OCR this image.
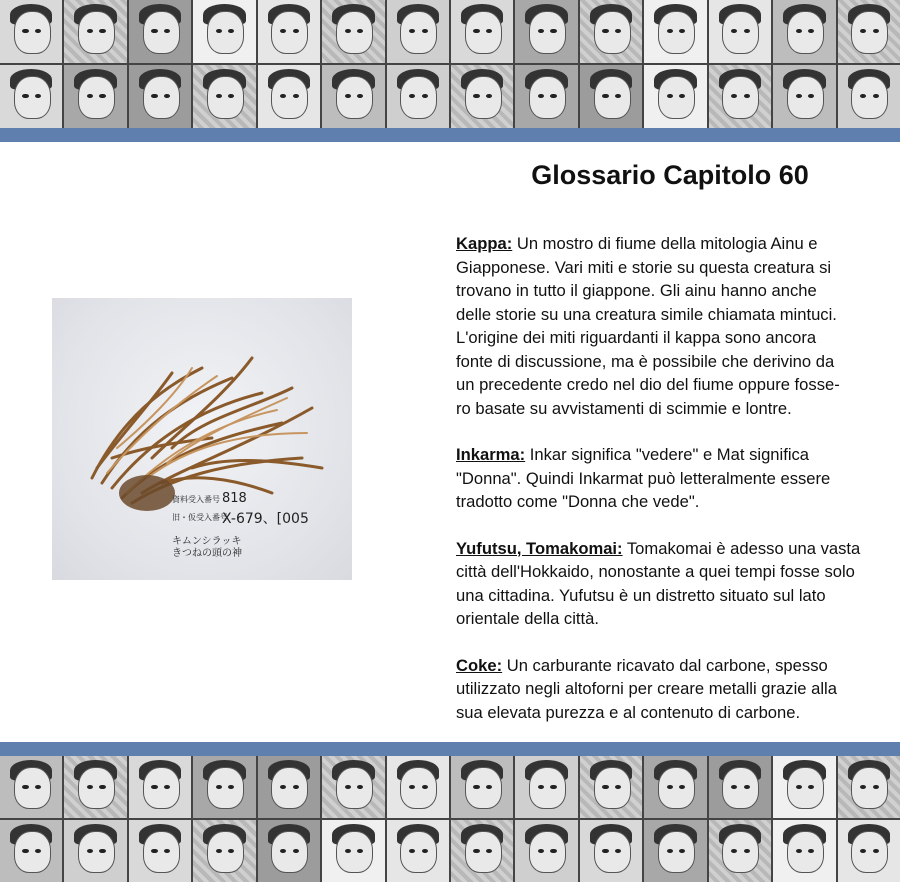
Glossario Capitolo 60
資料受入番号 818
旧・仮受入番号
X-679、[005
キムンシラッキ
きつねの頭の神

Kappa: Un mostro di fiume della mitologia Ainu e
Giapponese. Vari miti e storie su questa creatura si
trovano in tutto il giappone. Gli ainu hanno anche
delle storie su una creatura simile chiamata mintuci.
L'origine dei miti riguardanti il kappa sono ancora
fonte di discussione, ma è possibile che derivino da
un precedente credo nel dio del fiume oppure fosse-
ro basate su avvistamenti di scimmie e lontre.

Inkarma: Inkar significa "vedere" e Mat significa
"Donna". Quindi Inkarmat può letteralmente essere
tradotto come "Donna che vede".

Yufutsu, Tomakomai: Tomakomai è adesso una vasta
città dell'Hokkaido, nonostante a quei tempi fosse solo
una cittadina. Yufutsu è un distretto situato sul lato
orientale della città.

Coke: Un carburante ricavato dal carbone, spesso
utilizzato negli altoforni per creare metalli grazie alla
sua elevata purezza e al contenuto di carbone.
